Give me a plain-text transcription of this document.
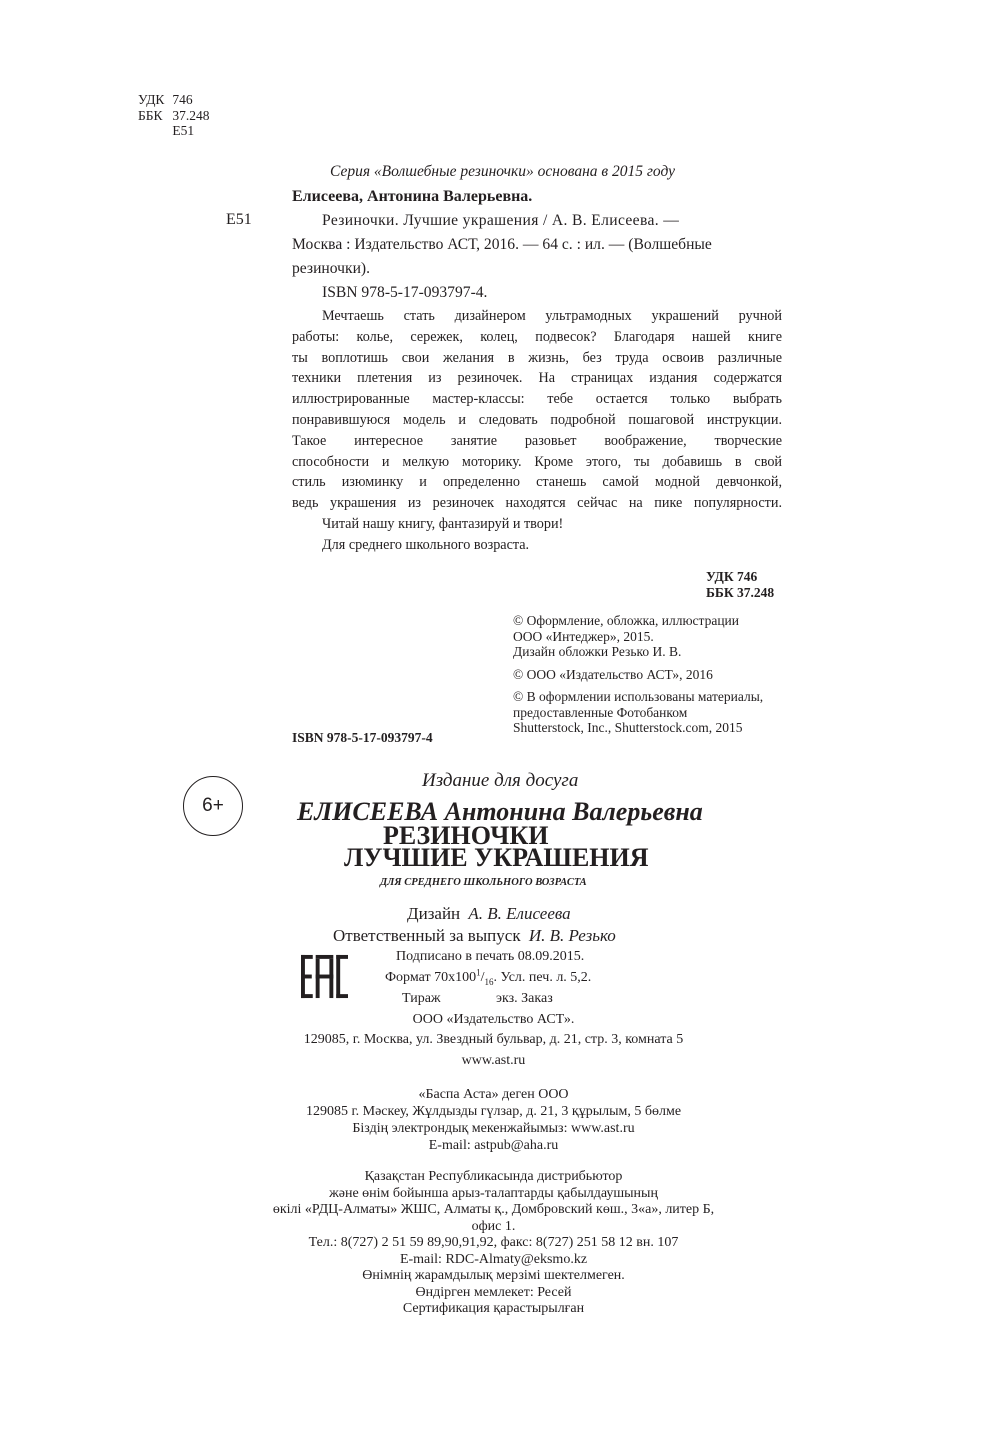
УДК	746
ББК	37.248
	Е51
Серия «Волшебные резиночки» основана в 2015 году
Елисеева, Антонина Валерьевна.
Е51	Резиночки. Лучшие украшения / А. В. Елисеева. —
Москва : Издательство АСТ, 2016. — 64 с. : ил. — (Волшебные
резиночки).
ISBN 978-5-17-093797-4.

Мечтаешь стать дизайнером ультрамодных украшений ручной

работы: колье, сережек, колец, подвесок? Благодаря нашей книге

ты воплотишь свои желания в жизнь, без труда освоив различные

техники плетения из резиночек. На страницах издания содержатся

иллюстрированные мастер-классы: тебе остается только выбрать

понравившуюся модель и следовать подробной пошаговой инструкции.

Такое интересное занятие разовьет воображение, творческие

способности и мелкую моторику. Кроме этого, ты добавишь в свой

стиль изюминку и определенно станешь самой модной девчонкой,

ведь украшения из резиночек находятся сейчас на пике популярности.

Читай нашу книгу, фантазируй и твори!

Для среднего школьного возраста.

УДК 746
ББК 37.248
© Оформление, обложка, иллюстрации
ООО «Интеджер», 2015.
Дизайн обложки Резько И. В.
© ООО «Издательство АСТ», 2016
© В оформлении использованы материалы,
предоставленные Фотобанком
Shutterstock, Inc., Shutterstock.com, 2015
ISBN 978-5-17-093797-4
Издание для досуга
6+	ЕЛИСЕЕВА Антонина Валерьевна
РЕЗИНОЧКИ
ЛУЧШИЕ УКРАШЕНИЯ
ДЛЯ СРЕДНЕГО ШКОЛЬНОГО ВОЗРАСТА
Дизайн А. В. Елисеева
Ответственный за выпуск И. В. Резько
Подписано в печать 08.09.2015.
Формат $70х100^1/_{16}$. Усл. печ. л. 5,2.
Тираж	экз. Заказ
ООО «Издательство АСТ».
129085, г. Москва, ул. Звездный бульвар, д. 21, стр. 3, комната 5
www.ast.ru
«Баспа Аста» деген ООО
129085 г. Мәскеу, Жұлдызды гүлзар, д. 21, 3 құрылым, 5 бөлме
Біздің электрондық мекенжайымыз: www.ast.ru
E-mail: astpub@aha.ru
Қазақстан Республикасында дистрибьютор
және өнім бойынша арыз-талаптарды қабылдаушының
өкілі «РДЦ-Алматы» ЖШС, Алматы қ., Домбровский көш., 3«а», литер Б,
офис 1.
Тел.: 8(727) 2 51 59 89,90,91,92, факс: 8(727) 251 58 12 вн. 107
E-mail: RDC-Almaty@eksmo.kz
Өнімнің жарамдылық мерзімі шектелмеген.
Өндірген мемлекет: Ресей
Сертификация қарастырылған
